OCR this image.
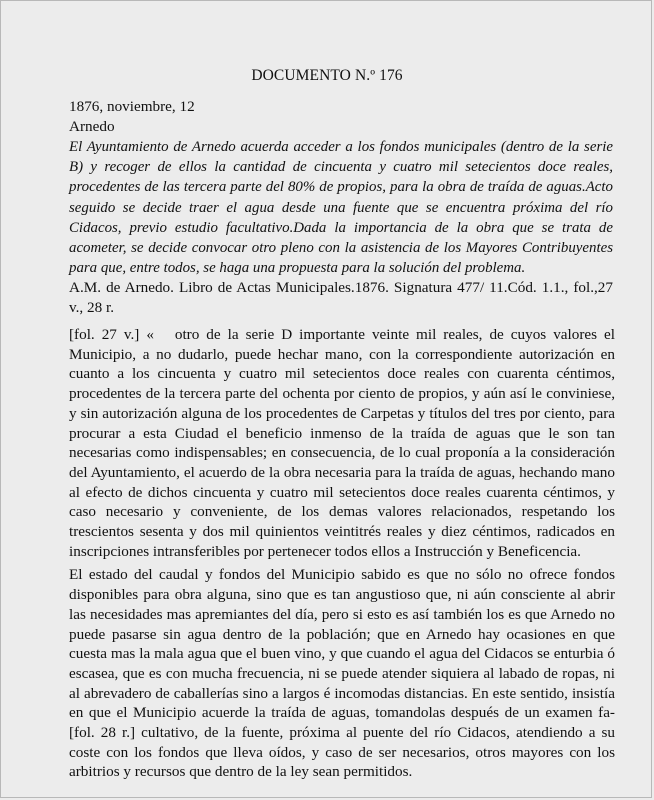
DOCUMENTO N.º 176
1876, noviembre, 12
Arnedo

El Ayuntamiento de Arnedo acuerda acceder a los fondos municipales (dentro de la serie B) y recoger de ellos la cantidad de cincuenta y cuatro mil setecientos doce reales, procedentes de las tercera parte del 80% de propios, para la obra de traída de aguas.Acto seguido se decide traer el agua desde una fuente que se encuentra próxima del río Cidacos, previo estudio facultativo.Dada la importancia de la obra que se trata de acometer, se decide convocar otro pleno con la asistencia de los Mayores Contribuyentes para que, entre todos, se haga una propuesta para la solución del problema.

A.M. de Arnedo. Libro de Actas Municipales.1876. Signatura 477/ 11.Cód. 1.1., fol.,27 v., 28 r.

[fol. 27 v.] «   otro de la serie D importante veinte mil reales, de cuyos valores el Municipio, a no dudarlo, puede hechar mano, con la correspondiente autorización en cuanto a los cincuenta y cuatro mil setecientos doce reales con cuarenta céntimos, procedentes de la tercera parte del ochenta por ciento de propios, y aún así le conviniese, y sin autorización alguna de los procedentes de Carpetas y títulos del tres por ciento, para procurar a esta Ciudad el beneficio inmenso de la traída de aguas que le son tan necesarias como indispensables; en consecuencia, de lo cual proponía a la consideración del Ayuntamiento, el acuerdo de la obra necesaria para la traída de aguas, hechando mano al efecto de dichos cincuenta y cuatro mil setecientos doce reales cuarenta céntimos, y caso necesario y conveniente, de los demas valores relacionados, respetando los trescientos sesenta y dos mil quinientos veintitrés reales y diez céntimos, radicados en inscripciones intransferibles por pertenecer todos ellos a Instrucción y Beneficencia.

El estado del caudal y fondos del Municipio sabido es que no sólo no ofrece fondos disponibles para obra alguna, sino que es tan angustioso que, ni aún consciente al abrir las necesidades mas apremiantes del día, pero si esto es así también los es que Arnedo no puede pasarse sin agua dentro de la población; que en Arnedo hay ocasiones en que cuesta mas la mala agua que el buen vino, y que cuando el agua del Cidacos se enturbia ó escasea, que es con mucha frecuencia, ni se puede atender siquiera al labado de ropas, ni al abrevadero de caballerías sino a largos é incomodas distancias. En este sentido, insistía en que el Municipio acuerde la traída de aguas, tomandolas después de un examen fa- [fol. 28 r.] cultativo, de la fuente, próxima al puente del río Cidacos, atendiendo a su coste con los fondos que lleva oídos, y caso de ser necesarios, otros mayores con los arbitrios y recursos que dentro de la ley sean permitidos.
